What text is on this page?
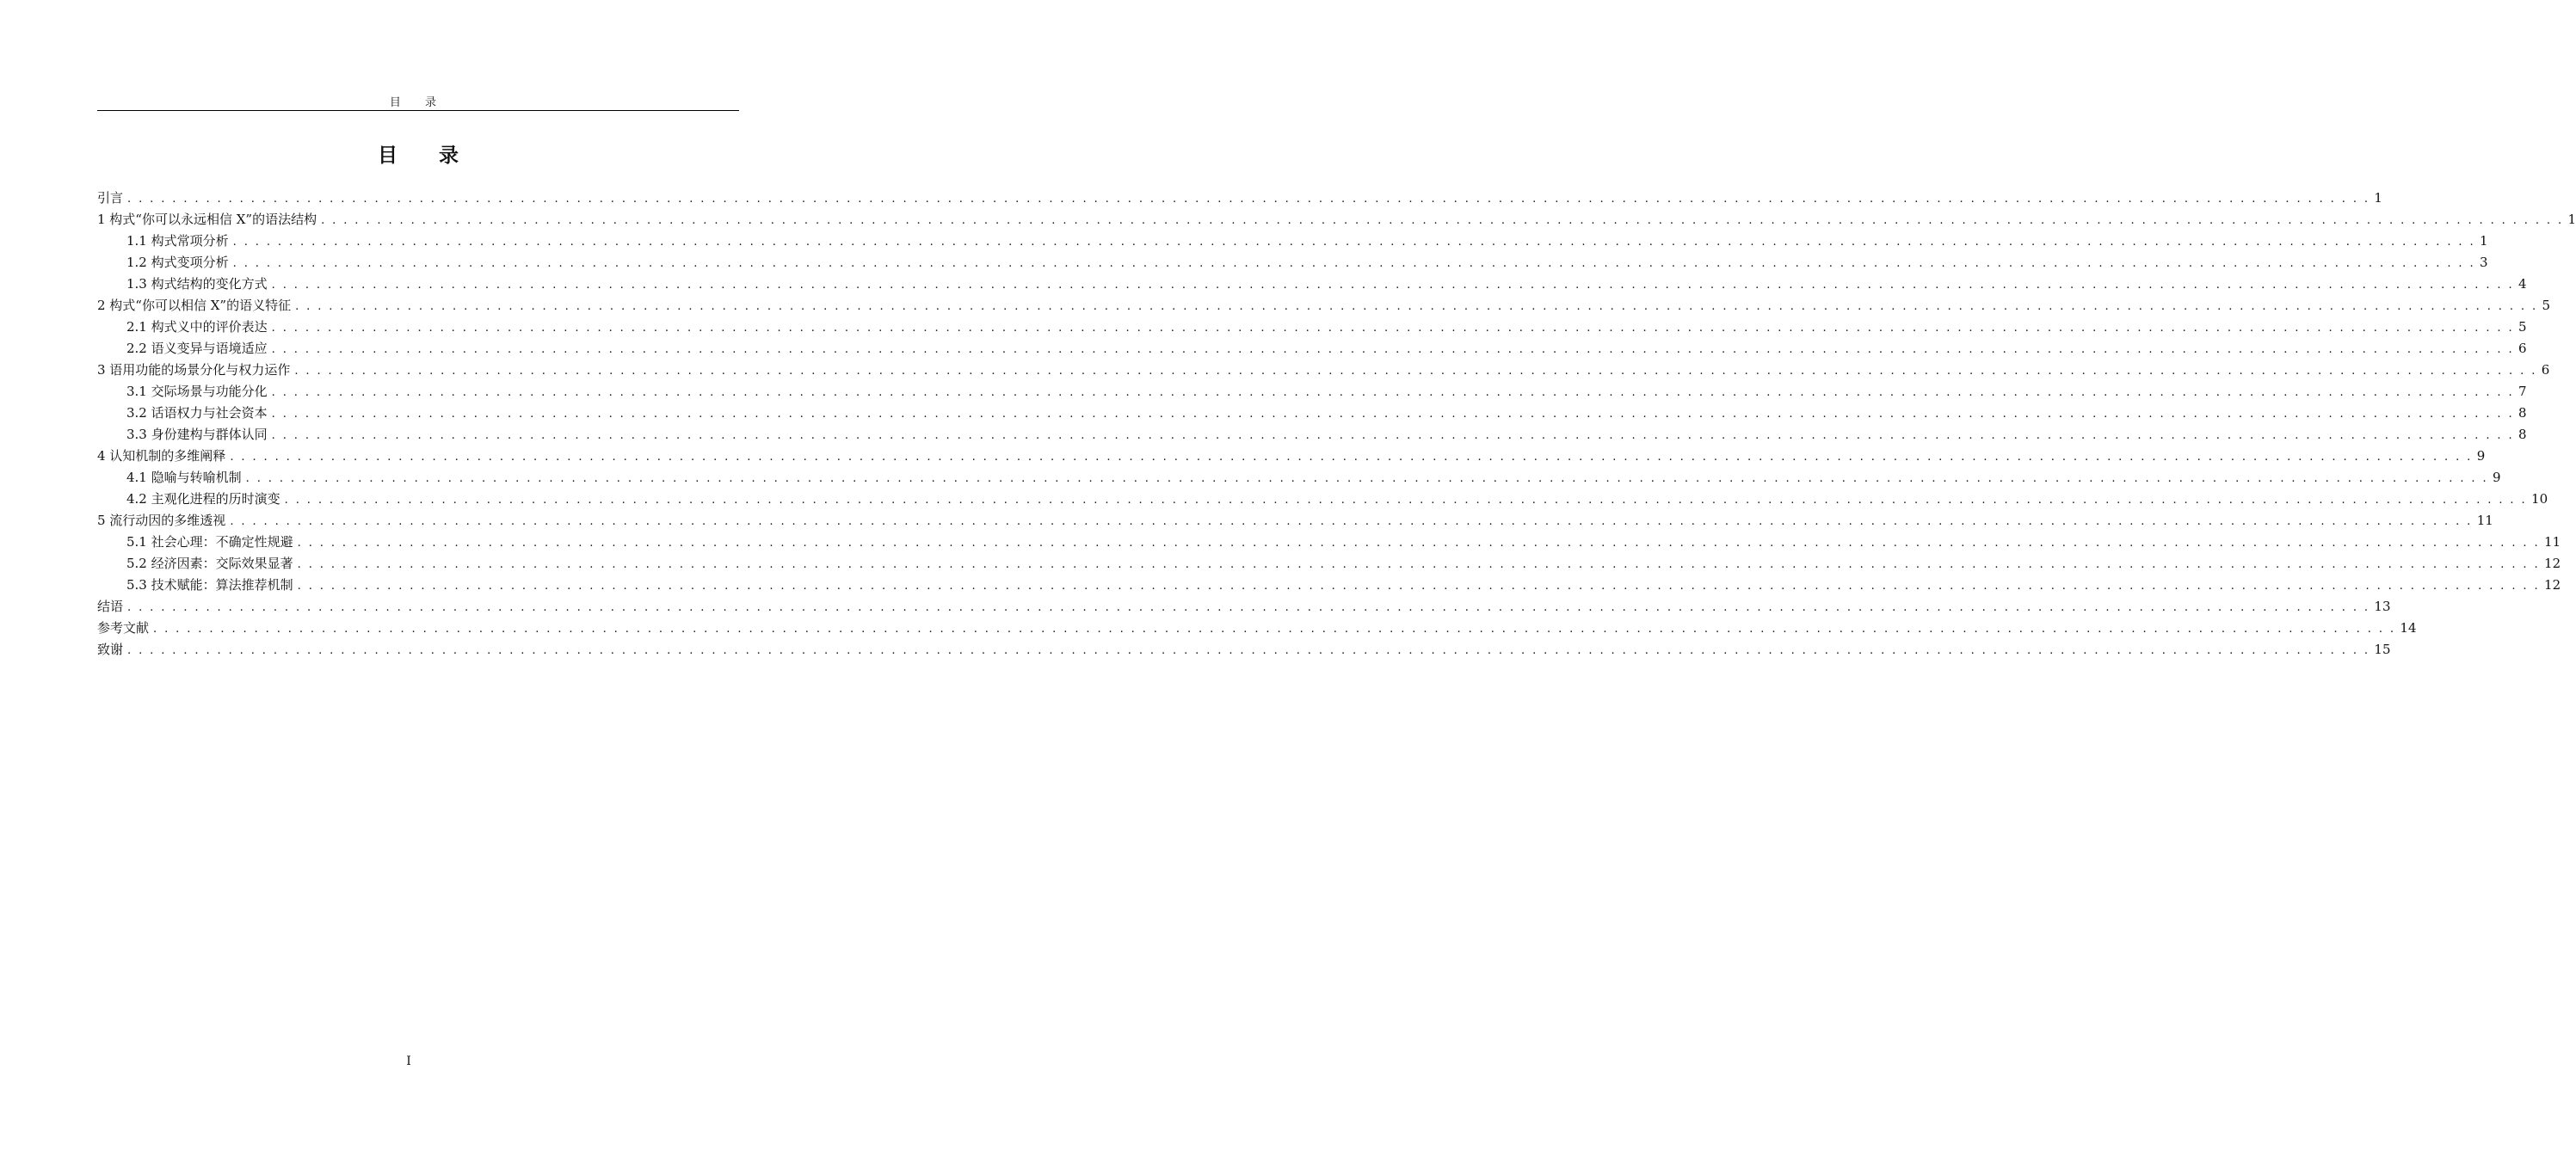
目 录
目 录
引言 . . . . . . . . . . . . . . . . . . . . . . . . . . . . . . . . . . . . . . . . . . . . . . . . . . . . . . . . . . . . . . . . . . . . . . . . . . . . . . . . . . . . . . . . . . . . . . . . . . . . . . . . . . . . . . . . . . . . . . . . . . . . . . . . . . . . . . . . . . . . . . . . . . . . . . . . . . . . . . . . . . . . . . . . . . . . . . . . . . . . . . . . . . . . . . . . . . . . . . . . 1
1 构式“你可以永远相信 X”的语法结构 . . . . . . . . . . . . . . . . . . . . . . . . . . . . . . . . . . . . . . . . . . . . . . . . . . . . . . . . . . . . . . . . . . . . . . . . . . . . . . . . . . . . . . . . . . . . . . . . . . . . . . . . . . . . . . . . . . . . . . . . . . . . . . . . . . . . . . . . . . . . . . . . . . . . . . . . . . . . . . . . . . . . . . . . . . . . . . . . . . . . . . . . . . . . . . . . . . . . . . . . 1
1.1 构式常项分析 . . . . . . . . . . . . . . . . . . . . . . . . . . . . . . . . . . . . . . . . . . . . . . . . . . . . . . . . . . . . . . . . . . . . . . . . . . . . . . . . . . . . . . . . . . . . . . . . . . . . . . . . . . . . . . . . . . . . . . . . . . . . . . . . . . . . . . . . . . . . . . . . . . . . . . . . . . . . . . . . . . . . . . . . . . . . . . . . . . . . . . . . . . . . . . . . . . . . . . . . 1
1.2 构式变项分析 . . . . . . . . . . . . . . . . . . . . . . . . . . . . . . . . . . . . . . . . . . . . . . . . . . . . . . . . . . . . . . . . . . . . . . . . . . . . . . . . . . . . . . . . . . . . . . . . . . . . . . . . . . . . . . . . . . . . . . . . . . . . . . . . . . . . . . . . . . . . . . . . . . . . . . . . . . . . . . . . . . . . . . . . . . . . . . . . . . . . . . . . . . . . . . . . . . . . . . . . 3
1.3 构式结构的变化方式 . . . . . . . . . . . . . . . . . . . . . . . . . . . . . . . . . . . . . . . . . . . . . . . . . . . . . . . . . . . . . . . . . . . . . . . . . . . . . . . . . . . . . . . . . . . . . . . . . . . . . . . . . . . . . . . . . . . . . . . . . . . . . . . . . . . . . . . . . . . . . . . . . . . . . . . . . . . . . . . . . . . . . . . . . . . . . . . . . . . . . . . . . . . . . . . . . . . . . . . . 4
2 构式“你可以相信 X”的语义特征 . . . . . . . . . . . . . . . . . . . . . . . . . . . . . . . . . . . . . . . . . . . . . . . . . . . . . . . . . . . . . . . . . . . . . . . . . . . . . . . . . . . . . . . . . . . . . . . . . . . . . . . . . . . . . . . . . . . . . . . . . . . . . . . . . . . . . . . . . . . . . . . . . . . . . . . . . . . . . . . . . . . . . . . . . . . . . . . . . . . . . . . . . . . . . . . . . . . . . . . . 5
2.1 构式义中的评价表达 . . . . . . . . . . . . . . . . . . . . . . . . . . . . . . . . . . . . . . . . . . . . . . . . . . . . . . . . . . . . . . . . . . . . . . . . . . . . . . . . . . . . . . . . . . . . . . . . . . . . . . . . . . . . . . . . . . . . . . . . . . . . . . . . . . . . . . . . . . . . . . . . . . . . . . . . . . . . . . . . . . . . . . . . . . . . . . . . . . . . . . . . . . . . . . . . . . . . . . . . 5
2.2 语义变异与语境适应 . . . . . . . . . . . . . . . . . . . . . . . . . . . . . . . . . . . . . . . . . . . . . . . . . . . . . . . . . . . . . . . . . . . . . . . . . . . . . . . . . . . . . . . . . . . . . . . . . . . . . . . . . . . . . . . . . . . . . . . . . . . . . . . . . . . . . . . . . . . . . . . . . . . . . . . . . . . . . . . . . . . . . . . . . . . . . . . . . . . . . . . . . . . . . . . . . . . . . . . . 6
3 语用功能的场景分化与权力运作 . . . . . . . . . . . . . . . . . . . . . . . . . . . . . . . . . . . . . . . . . . . . . . . . . . . . . . . . . . . . . . . . . . . . . . . . . . . . . . . . . . . . . . . . . . . . . . . . . . . . . . . . . . . . . . . . . . . . . . . . . . . . . . . . . . . . . . . . . . . . . . . . . . . . . . . . . . . . . . . . . . . . . . . . . . . . . . . . . . . . . . . . . . . . . . . . . . . . . . . . 6
3.1 交际场景与功能分化 . . . . . . . . . . . . . . . . . . . . . . . . . . . . . . . . . . . . . . . . . . . . . . . . . . . . . . . . . . . . . . . . . . . . . . . . . . . . . . . . . . . . . . . . . . . . . . . . . . . . . . . . . . . . . . . . . . . . . . . . . . . . . . . . . . . . . . . . . . . . . . . . . . . . . . . . . . . . . . . . . . . . . . . . . . . . . . . . . . . . . . . . . . . . . . . . . . . . . . . . 7
3.2 话语权力与社会资本 . . . . . . . . . . . . . . . . . . . . . . . . . . . . . . . . . . . . . . . . . . . . . . . . . . . . . . . . . . . . . . . . . . . . . . . . . . . . . . . . . . . . . . . . . . . . . . . . . . . . . . . . . . . . . . . . . . . . . . . . . . . . . . . . . . . . . . . . . . . . . . . . . . . . . . . . . . . . . . . . . . . . . . . . . . . . . . . . . . . . . . . . . . . . . . . . . . . . . . . . 8
3.3 身份建构与群体认同 . . . . . . . . . . . . . . . . . . . . . . . . . . . . . . . . . . . . . . . . . . . . . . . . . . . . . . . . . . . . . . . . . . . . . . . . . . . . . . . . . . . . . . . . . . . . . . . . . . . . . . . . . . . . . . . . . . . . . . . . . . . . . . . . . . . . . . . . . . . . . . . . . . . . . . . . . . . . . . . . . . . . . . . . . . . . . . . . . . . . . . . . . . . . . . . . . . . . . . . . 8
4 认知机制的多维阐释 . . . . . . . . . . . . . . . . . . . . . . . . . . . . . . . . . . . . . . . . . . . . . . . . . . . . . . . . . . . . . . . . . . . . . . . . . . . . . . . . . . . . . . . . . . . . . . . . . . . . . . . . . . . . . . . . . . . . . . . . . . . . . . . . . . . . . . . . . . . . . . . . . . . . . . . . . . . . . . . . . . . . . . . . . . . . . . . . . . . . . . . . . . . . . . . . . . . . . . . . 9
4.1 隐喻与转喻机制 . . . . . . . . . . . . . . . . . . . . . . . . . . . . . . . . . . . . . . . . . . . . . . . . . . . . . . . . . . . . . . . . . . . . . . . . . . . . . . . . . . . . . . . . . . . . . . . . . . . . . . . . . . . . . . . . . . . . . . . . . . . . . . . . . . . . . . . . . . . . . . . . . . . . . . . . . . . . . . . . . . . . . . . . . . . . . . . . . . . . . . . . . . . . . . . . . . . . . . . . 9
4.2 主观化进程的历时演变 . . . . . . . . . . . . . . . . . . . . . . . . . . . . . . . . . . . . . . . . . . . . . . . . . . . . . . . . . . . . . . . . . . . . . . . . . . . . . . . . . . . . . . . . . . . . . . . . . . . . . . . . . . . . . . . . . . . . . . . . . . . . . . . . . . . . . . . . . . . . . . . . . . . . . . . . . . . . . . . . . . . . . . . . . . . . . . . . . . . . . . . . . . . . . . . . . . . . . . . . 10
5 流行动因的多维透视 . . . . . . . . . . . . . . . . . . . . . . . . . . . . . . . . . . . . . . . . . . . . . . . . . . . . . . . . . . . . . . . . . . . . . . . . . . . . . . . . . . . . . . . . . . . . . . . . . . . . . . . . . . . . . . . . . . . . . . . . . . . . . . . . . . . . . . . . . . . . . . . . . . . . . . . . . . . . . . . . . . . . . . . . . . . . . . . . . . . . . . . . . . . . . . . . . . . . . . . . 11
5.1 社会心理：不确定性规避 . . . . . . . . . . . . . . . . . . . . . . . . . . . . . . . . . . . . . . . . . . . . . . . . . . . . . . . . . . . . . . . . . . . . . . . . . . . . . . . . . . . . . . . . . . . . . . . . . . . . . . . . . . . . . . . . . . . . . . . . . . . . . . . . . . . . . . . . . . . . . . . . . . . . . . . . . . . . . . . . . . . . . . . . . . . . . . . . . . . . . . . . . . . . . . . . . . . . . . . . 11
5.2 经济因素：交际效果显著 . . . . . . . . . . . . . . . . . . . . . . . . . . . . . . . . . . . . . . . . . . . . . . . . . . . . . . . . . . . . . . . . . . . . . . . . . . . . . . . . . . . . . . . . . . . . . . . . . . . . . . . . . . . . . . . . . . . . . . . . . . . . . . . . . . . . . . . . . . . . . . . . . . . . . . . . . . . . . . . . . . . . . . . . . . . . . . . . . . . . . . . . . . . . . . . . . . . . . . . . 12
5.3 技术赋能：算法推荐机制 . . . . . . . . . . . . . . . . . . . . . . . . . . . . . . . . . . . . . . . . . . . . . . . . . . . . . . . . . . . . . . . . . . . . . . . . . . . . . . . . . . . . . . . . . . . . . . . . . . . . . . . . . . . . . . . . . . . . . . . . . . . . . . . . . . . . . . . . . . . . . . . . . . . . . . . . . . . . . . . . . . . . . . . . . . . . . . . . . . . . . . . . . . . . . . . . . . . . . . . . 12
结语 . . . . . . . . . . . . . . . . . . . . . . . . . . . . . . . . . . . . . . . . . . . . . . . . . . . . . . . . . . . . . . . . . . . . . . . . . . . . . . . . . . . . . . . . . . . . . . . . . . . . . . . . . . . . . . . . . . . . . . . . . . . . . . . . . . . . . . . . . . . . . . . . . . . . . . . . . . . . . . . . . . . . . . . . . . . . . . . . . . . . . . . . . . . . . . . . . . . . . . . . 13
参考文献 . . . . . . . . . . . . . . . . . . . . . . . . . . . . . . . . . . . . . . . . . . . . . . . . . . . . . . . . . . . . . . . . . . . . . . . . . . . . . . . . . . . . . . . . . . . . . . . . . . . . . . . . . . . . . . . . . . . . . . . . . . . . . . . . . . . . . . . . . . . . . . . . . . . . . . . . . . . . . . . . . . . . . . . . . . . . . . . . . . . . . . . . . . . . . . . . . . . . . . . . 14
致谢 . . . . . . . . . . . . . . . . . . . . . . . . . . . . . . . . . . . . . . . . . . . . . . . . . . . . . . . . . . . . . . . . . . . . . . . . . . . . . . . . . . . . . . . . . . . . . . . . . . . . . . . . . . . . . . . . . . . . . . . . . . . . . . . . . . . . . . . . . . . . . . . . . . . . . . . . . . . . . . . . . . . . . . . . . . . . . . . . . . . . . . . . . . . . . . . . . . . . . . . . 15
I
